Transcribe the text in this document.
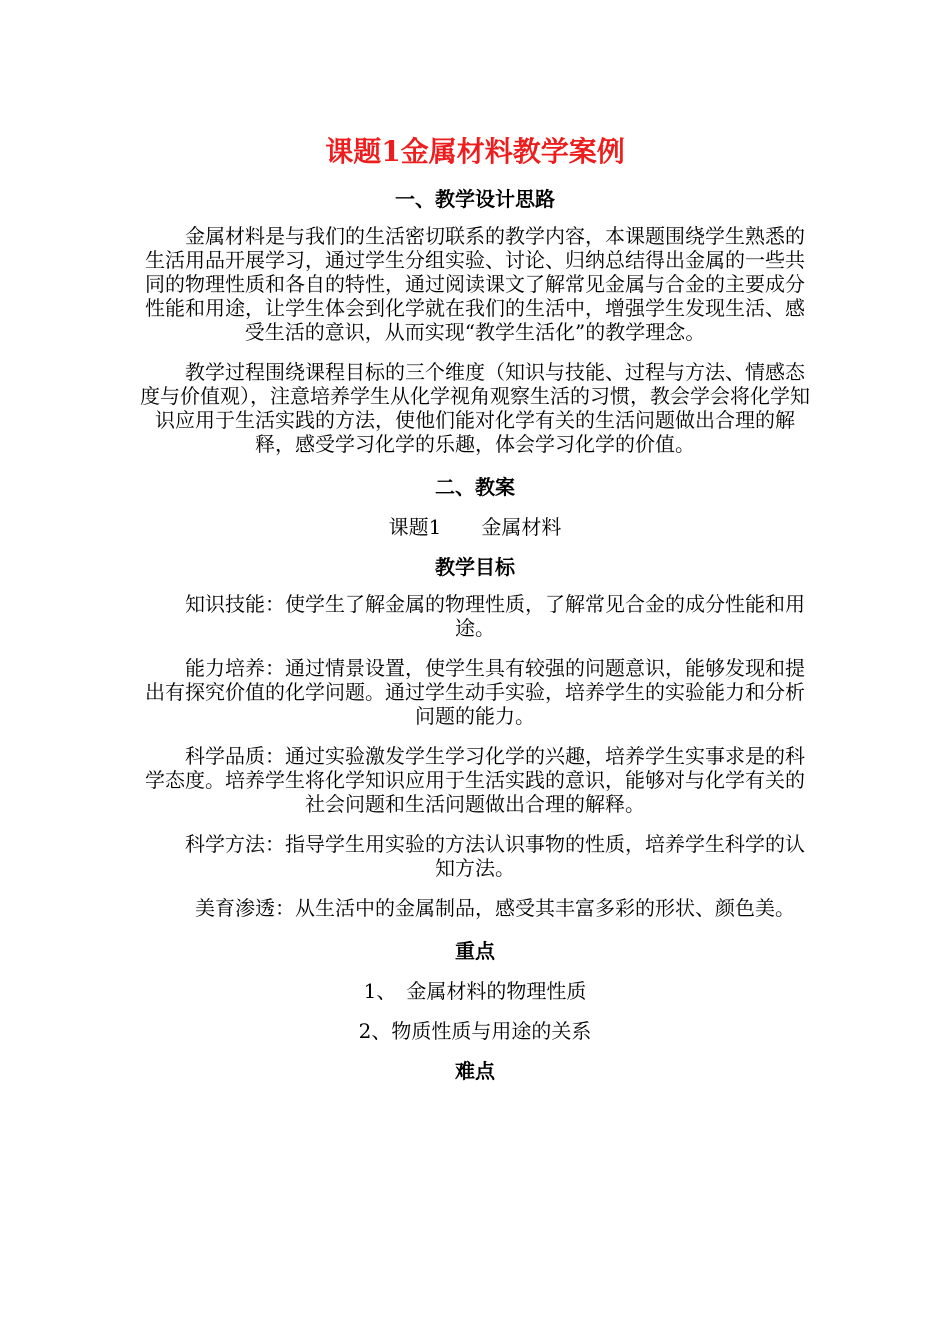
课题1金属材料教学案例
一、教学设计思路
金属材料是与我们的生活密切联系的教学内容，本课题围绕学生熟悉的生活用品开展学习，通过学生分组实验、讨论、归纳总结得出金属的一些共同的物理性质和各自的特性，通过阅读课文了解常见金属与合金的主要成分性能和用途，让学生体会到化学就在我们的生活中，增强学生发现生活、感受生活的意识，从而实现“教学生活化”的教学理念。
教学过程围绕课程目标的三个维度（知识与技能、过程与方法、情感态度与价值观），注意培养学生从化学视角观察生活的习惯，教会学会将化学知识应用于生活实践的方法，使他们能对化学有关的生活问题做出合理的解释，感受学习化学的乐趣，体会学习化学的价值。
二、教案
课题1　　金属材料
教学目标
知识技能：使学生了解金属的物理性质，了解常见合金的成分性能和用途。
能力培养：通过情景设置，使学生具有较强的问题意识，能够发现和提出有探究价值的化学问题。通过学生动手实验，培养学生的实验能力和分析问题的能力。
科学品质：通过实验激发学生学习化学的兴趣，培养学生实事求是的科学态度。培养学生将化学知识应用于生活实践的意识，能够对与化学有关的社会问题和生活问题做出合理的解释。
科学方法：指导学生用实验的方法认识事物的性质，培养学生科学的认知方法。
美育渗透：从生活中的金属制品，感受其丰富多彩的形状、颜色美。
重点
1、　金属材料的物理性质
2、物质性质与用途的关系
难点
